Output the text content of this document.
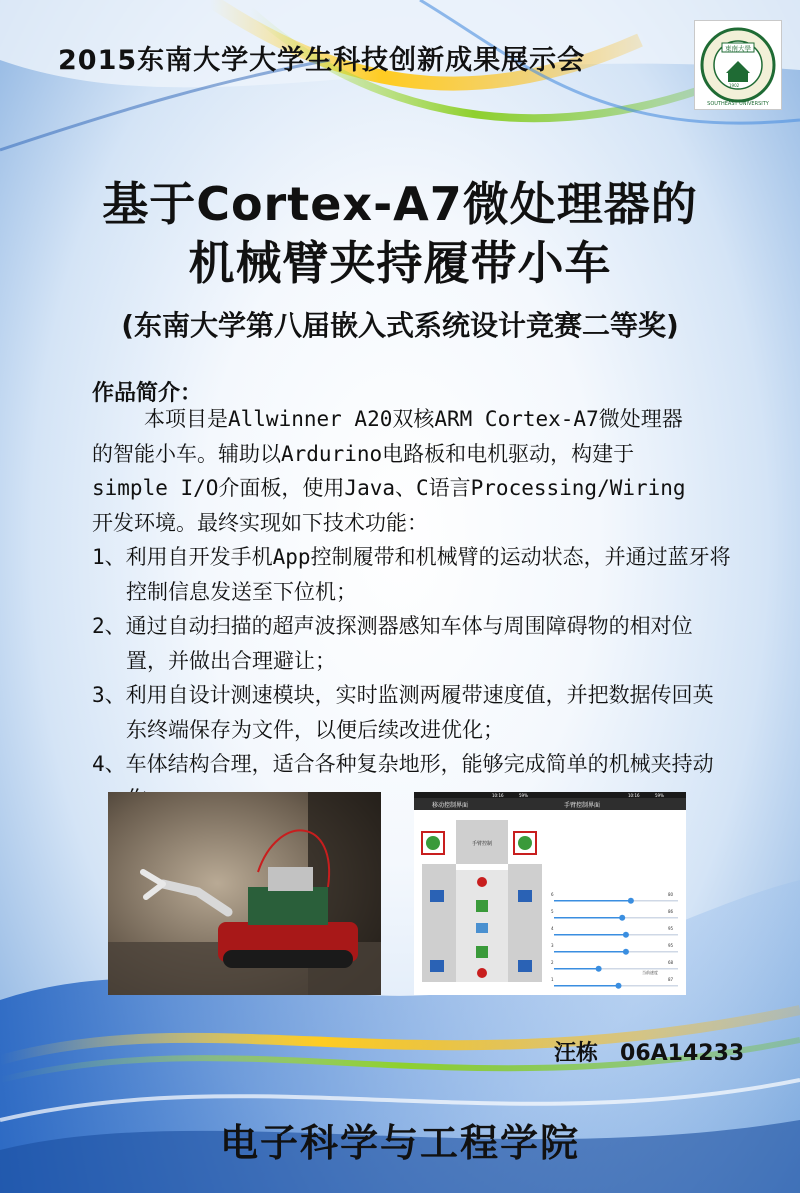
2015东南大学大学生科技创新成果展示会	東南大學
1902
SOUTHEAST UNIVERSITY
基于Cortex-A7微处理器的
机械臂夹持履带小车
(东南大学第八届嵌入式系统设计竞赛二等奖)
作品简介：

本项目是Allwinner A20双核ARM Cortex-A7微处理器

的智能小车。辅助以Ardurino电路板和电机驱动，构建于

simple I/O介面板，使用Java、C语言Processing/Wiring

开发环境。最终实现如下技术功能：

1、利用自开发手机App控制履带和机械臂的运动状态，并通过蓝牙将控制信息发送至下位机；

2、通过自动扫描的超声波探测器感知车体与周围障碍物的相对位置，并做出合理避让；

3、利用自设计测速模块，实时监测两履带速度值，并把数据传回英东终端保存为文件，以便后续改进优化；

4、车体结构合理，适合各种复杂地形，能够完成简单的机械夹持动

10:16	59%	10:16	59%
移动控制界面	手臂控制界面
手臂控制
6	80
5	86
4	95
3	95
2	68
1	87
当前速度
汪栋 06A14233
电子科学与工程学院
